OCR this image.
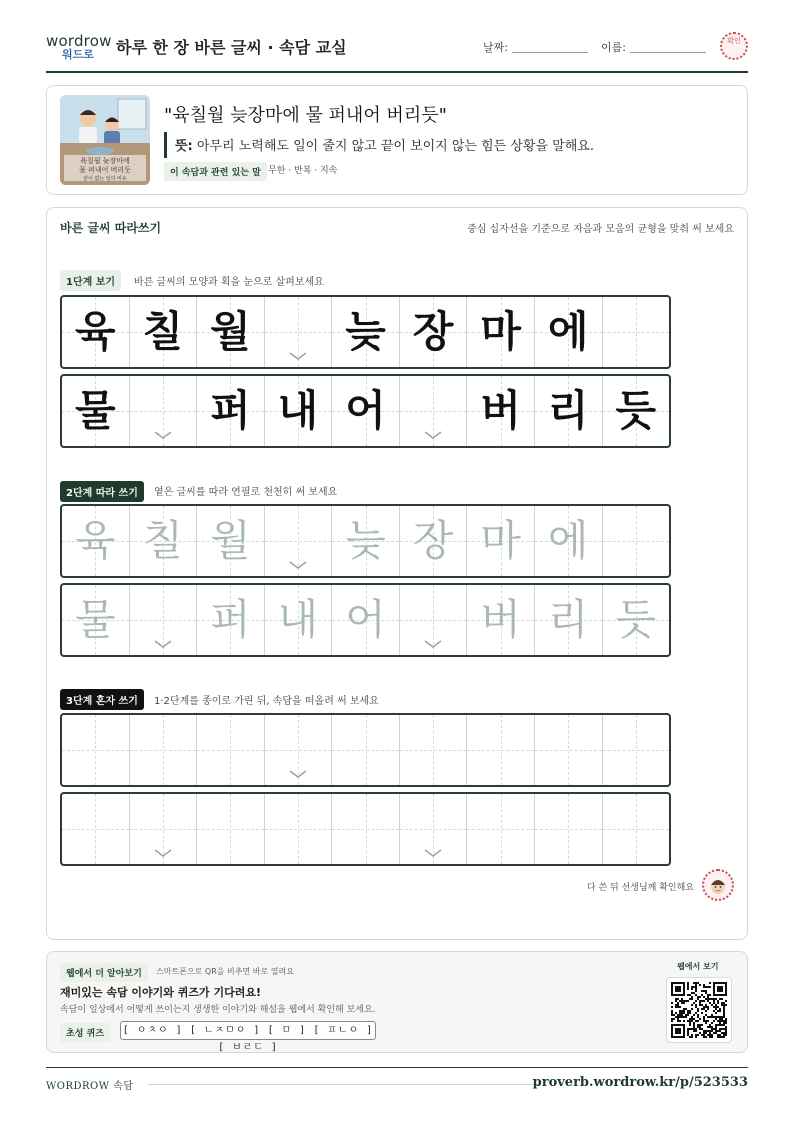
wordrow
워드로 하루 한 장 바른 글씨 · 속담 교실	날짜:	이름:	확인
육칠월 늦장마에
물 퍼내어 버리듯
끝이 없는 일의 비유
"육칠월 늦장마에 물 퍼내어 버리듯"
뜻: 아무리 노력해도 일이 줄지 않고 끝이 보이지 않는 힘든 상황을 말해요.
이 속담과 관련 있는 말 무한 · 반복 · 지속
바른 글씨 따라쓰기	중심 십자선을 기준으로 자음과 모음의 균형을 맞춰 써 보세요
1단계 보기	바른 글씨의 모양과 획을 눈으로 살펴보세요
육 칠 월 늦 장 마 에
물 퍼 내 어 버 리 듯
2단계 따라 쓰기	옅은 글씨를 따라 연필로 천천히 써 보세요
육 칠 월 늦 장 마 에
물 퍼 내 어 버 리 듯
3단계 혼자 쓰기	1·2단계를 종이로 가린 뒤, 속담을 떠올려 써 보세요
다 쓴 뒤 선생님께 확인해요
웹에서 더 알아보기	스마트폰으로 QR을 비추면 바로 열려요
재미있는 속담 이야기와 퀴즈가 기다려요!
속담이 일상에서 어떻게 쓰이는지 생생한 이야기와 해설을 웹에서 확인해 보세요.
초성 퀴즈	[ ㅇㅊㅇ ] [ ㄴㅈㅁㅇ ] [ ㅁ ] [ ㅍㄴㅇ ] [ ㅂㄹㄷ ]
웹에서 보기
WORDROW 속담	proverb.wordrow.kr/p/523533
